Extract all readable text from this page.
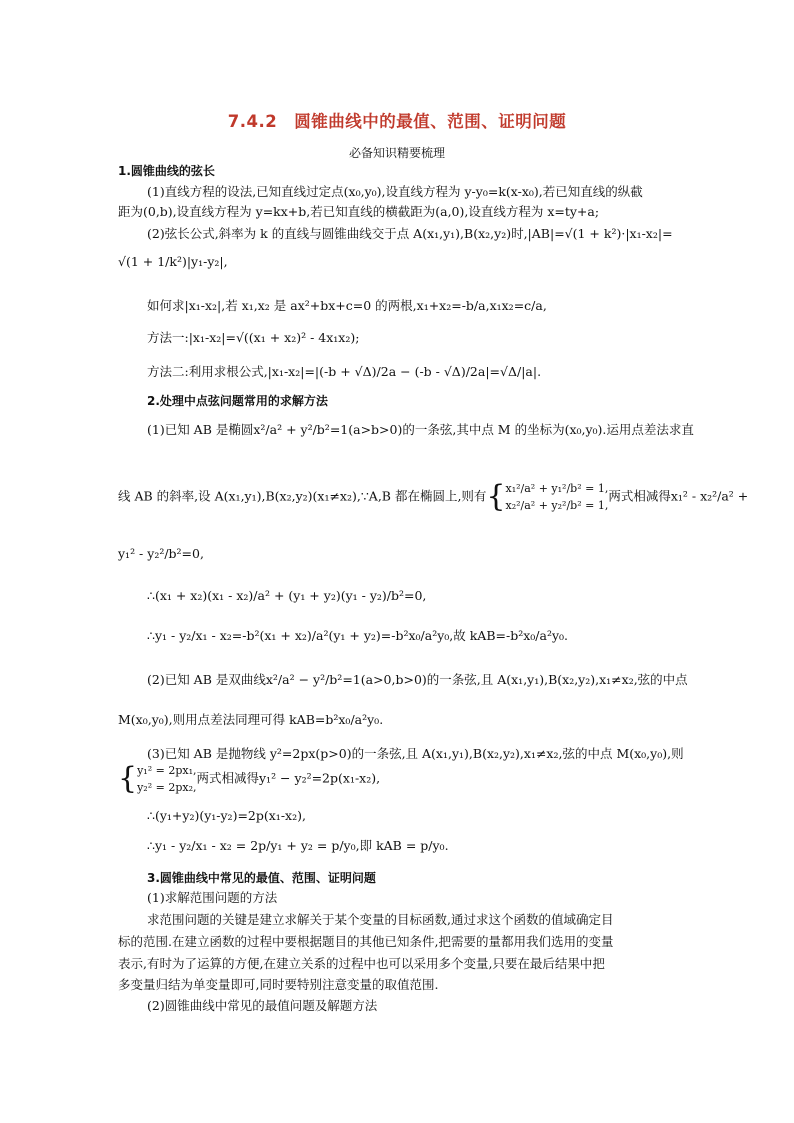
7.4.2　圆锥曲线中的最值、范围、证明问题
必备知识精要梳理
1.圆锥曲线的弦长
(1)直线方程的设法,已知直线过定点(x₀,y₀),设直线方程为 y-y₀=k(x-x₀),若已知直线的纵截
距为(0,b),设直线方程为 y=kx+b,若已知直线的横截距为(a,0),设直线方程为 x=ty+a;
(2)弦长公式,斜率为 k 的直线与圆锥曲线交于点 A(x₁,y₁),B(x₂,y₂)时,|AB|=√(1 + k²)·|x₁-x₂|=
√(1 + 1/k²)|y₁-y₂|,
如何求|x₁-x₂|,若 x₁,x₂ 是 ax²+bx+c=0 的两根,x₁+x₂=-b/a,x₁x₂=c/a,
方法一:|x₁-x₂|=√((x₁ + x₂)² - 4x₁x₂);
方法二:利用求根公式,|x₁-x₂|=|(-b + √Δ)/2a − (-b - √Δ)/2a|=√Δ/|a|.
2.处理中点弦问题常用的求解方法
(1)已知 AB 是椭圆x²/a² + y²/b²=1(a>b>0)的一条弦,其中点 M 的坐标为(x₀,y₀).运用点差法求直
线 AB 的斜率,设 A(x₁,y₁),B(x₂,y₂)(x₁≠x₂),∵A,B 都在椭圆上,则有{ x₁²/a² + y₁²/b² = 1,
x₂²/a² + y₂²/b² = 1,
两式相减得x₁² - x₂²/a² +
y₁² - y₂²/b²=0,
∴(x₁ + x₂)(x₁ - x₂)/a² + (y₁ + y₂)(y₁ - y₂)/b²=0,
∴y₁ - y₂/x₁ - x₂=-b²(x₁ + x₂)/a²(y₁ + y₂)=-b²x₀/a²y₀,故 kAB=-b²x₀/a²y₀.
(2)已知 AB 是双曲线x²/a² − y²/b²=1(a>0,b>0)的一条弦,且 A(x₁,y₁),B(x₂,y₂),x₁≠x₂,弦的中点
M(x₀,y₀),则用点差法同理可得 kAB=b²x₀/a²y₀.
(3)已知 AB 是抛物线 y²=2px(p>0)的一条弦,且 A(x₁,y₁),B(x₂,y₂),x₁≠x₂,弦的中点 M(x₀,y₀),则
{ y₁² = 2px₁,
y₂² = 2px₂,
两式相减得y₁² − y₂²=2p(x₁-x₂),
∴(y₁+y₂)(y₁-y₂)=2p(x₁-x₂),
∴y₁ - y₂/x₁ - x₂ = 2p/y₁ + y₂ = p/y₀,即 kAB = p/y₀.
3.圆锥曲线中常见的最值、范围、证明问题
(1)求解范围问题的方法
求范围问题的关键是建立求解关于某个变量的目标函数,通过求这个函数的值域确定目
标的范围.在建立函数的过程中要根据题目的其他已知条件,把需要的量都用我们选用的变量
表示,有时为了运算的方便,在建立关系的过程中也可以采用多个变量,只要在最后结果中把
多变量归结为单变量即可,同时要特别注意变量的取值范围.
(2)圆锥曲线中常见的最值问题及解题方法
